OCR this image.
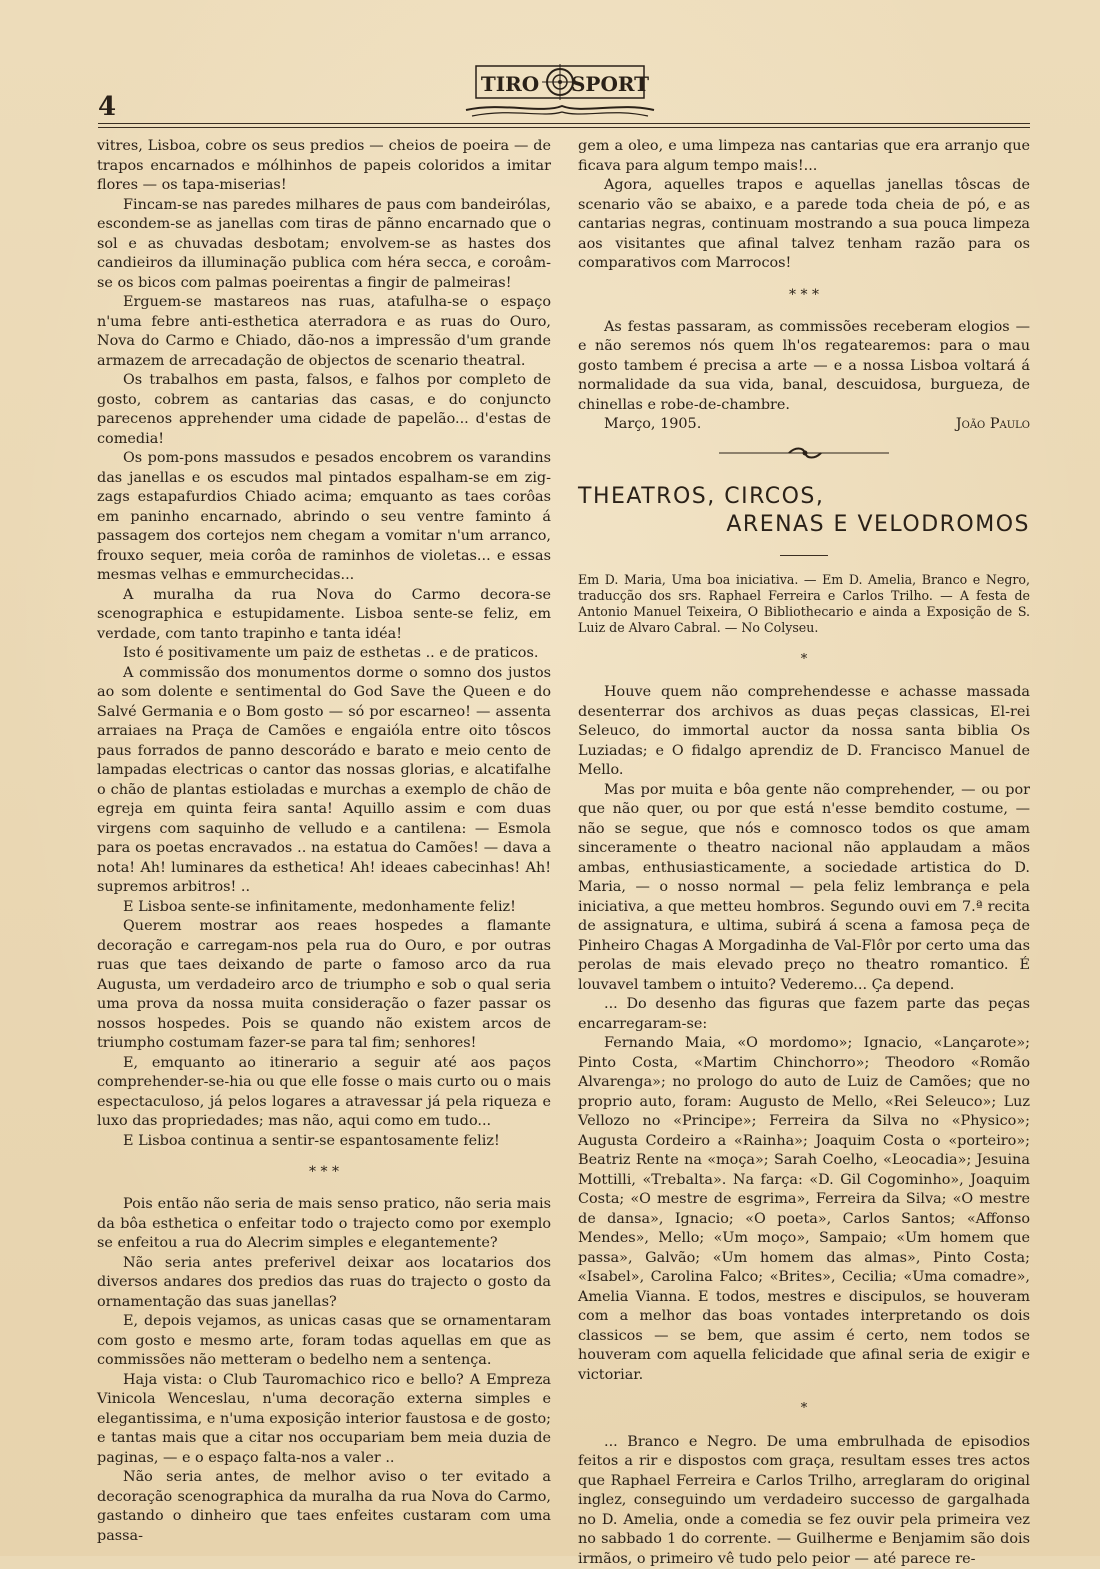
4
TIRO SPORT

vitres, Lisboa, cobre os seus predios — cheios de poeira — de trapos encarnados e mólhinhos de papeis coloridos a imitar flores — os tapa-miserias!

Fincam-se nas paredes milhares de paus com bandeirólas, escondem-se as janellas com tiras de pãnno encarnado que o sol e as chuvadas desbotam; envolvem-se as hastes dos candieiros da illuminação publica com héra secca, e coroâm-se os bicos com palmas poeirentas a fingir de palmeiras!

Erguem-se mastareos nas ruas, atafulha-se o espaço n'uma febre anti-esthetica aterradora e as ruas do Ouro, Nova do Carmo e Chiado, dão-nos a impressão d'um grande armazem de arrecadação de objectos de scenario theatral.

Os trabalhos em pasta, falsos, e falhos por completo de gosto, cobrem as cantarias das casas, e do conjuncto parecenos apprehender uma cidade de papelão... d'estas de comedia!

Os pom-pons massudos e pesados encobrem os varandins das janellas e os escudos mal pintados espalham-se em zig-zags estapafurdios Chiado acima; emquanto as taes corôas em paninho encarnado, abrindo o seu ventre faminto á passagem dos cortejos nem chegam a vomitar n'um arranco, frouxo sequer, meia corôa de raminhos de violetas... e essas mesmas velhas e emmurchecidas...

A muralha da rua Nova do Carmo decora-se scenographica e estupidamente. Lisboa sente-se feliz, em verdade, com tanto trapinho e tanta idéa!

Isto é positivamente um paiz de esthetas .. e de praticos.

A commissão dos monumentos dorme o somno dos justos ao som dolente e sentimental do God Save the Queen e do Salvé Germania e o Bom gosto — só por escarneo! — assenta arraiaes na Praça de Camões e engaióla entre oito tôscos paus forrados de panno descorádo e barato e meio cento de lampadas electricas o cantor das nossas glorias, e alcatifalhe o chão de plantas estioladas e murchas a exemplo de chão de egreja em quinta feira santa! Aquillo assim e com duas virgens com saquinho de velludo e a cantilena: — Esmola para os poetas encravados .. na estatua do Camões! — dava a nota! Ah! luminares da esthetica! Ah! ideaes cabecinhas! Ah! supremos arbitros! ..

E Lisboa sente-se infinitamente, medonhamente feliz!

Querem mostrar aos reaes hospedes a flamante decoração e carregam-nos pela rua do Ouro, e por outras ruas que taes deixando de parte o famoso arco da rua Augusta, um verdadeiro arco de triumpho e sob o qual seria uma prova da nossa muita consideração o fazer passar os nossos hospedes. Pois se quando não existem arcos de triumpho costumam fazer-se para tal fim; senhores!

E, emquanto ao itinerario a seguir até aos paços comprehender-se-hia ou que elle fosse o mais curto ou o mais espectaculoso, já pelos logares a atravessar já pela riqueza e luxo das propriedades; mas não, aqui como em tudo...

E Lisboa continua a sentir-se espantosamente feliz!

* * *

Pois então não seria de mais senso pratico, não seria mais da bôa esthetica o enfeitar todo o trajecto como por exemplo se enfeitou a rua do Alecrim simples e elegantemente?

Não seria antes preferivel deixar aos locatarios dos diversos andares dos predios das ruas do trajecto o gosto da ornamentação das suas janellas?

E, depois vejamos, as unicas casas que se ornamentaram com gosto e mesmo arte, foram todas aquellas em que as commissões não metteram o bedelho nem a sentença.

Haja vista: o Club Tauromachico rico e bello? A Empreza Vinicola Wenceslau, n'uma decoração externa simples e elegantissima, e n'uma exposição interior faustosa e de gosto; e tantas mais que a citar nos occupariam bem meia duzia de paginas, — e o espaço falta-nos a valer ..

Não seria antes, de melhor aviso o ter evitado a decoração scenographica da muralha da rua Nova do Carmo, gastando o dinheiro que taes enfeites custaram com uma passa-

gem a oleo, e uma limpeza nas cantarias que era arranjo que ficava para algum tempo mais!...

Agora, aquelles trapos e aquellas janellas tôscas de scenario vão se abaixo, e a parede toda cheia de pó, e as cantarias negras, continuam mostrando a sua pouca limpeza aos visitantes que afinal talvez tenham razão para os comparativos com Marrocos!

* * *

As festas passaram, as commissões receberam elogios — e não seremos nós quem lh'os regatearemos: para o mau gosto tambem é precisa a arte — e a nossa Lisboa voltará á normalidade da sua vida, banal, descuidosa, burgueza, de chinellas e robe-de-chambre.

Março, 1905.	João Paulo
THEATROS, CIRCOS,
ARENAS E VELODROMOS

Em D. Maria, Uma boa iniciativa. — Em D. Amelia, Branco e Negro, traducção dos srs. Raphael Ferreira e Carlos Trilho. — A festa de Antonio Manuel Teixeira, O Bibliothecario e ainda a Exposição de S. Luiz de Alvaro Cabral. — No Colyseu.

*

Houve quem não comprehendesse e achasse massada desenterrar dos archivos as duas peças classicas, El-rei Seleuco, do immortal auctor da nossa santa biblia Os Luziadas; e O fidalgo aprendiz de D. Francisco Manuel de Mello.

Mas por muita e bôa gente não comprehender, — ou por que não quer, ou por que está n'esse bemdito costume, — não se segue, que nós e comnosco todos os que amam sinceramente o theatro nacional não applaudam a mãos ambas, enthusiasticamente, a sociedade artistica do D. Maria, — o nosso normal — pela feliz lembrança e pela iniciativa, a que metteu hombros. Segundo ouvi em 7.ª recita de assignatura, e ultima, subirá á scena a famosa peça de Pinheiro Chagas A Morgadinha de Val-Flôr por certo uma das perolas de mais elevado preço no theatro romantico. É louvavel tambem o intuito? Vederemo... Ça depend.

... Do desenho das figuras que fazem parte das peças encarregaram-se:

Fernando Maia, «O mordomo»; Ignacio, «Lançarote»; Pinto Costa, «Martim Chinchorro»; Theodoro «Romão Alvarenga»; no prologo do auto de Luiz de Camões; que no proprio auto, foram: Augusto de Mello, «Rei Seleuco»; Luz Vellozo no «Principe»; Ferreira da Silva no «Physico»; Augusta Cordeiro a «Rainha»; Joaquim Costa o «porteiro»; Beatriz Rente na «moça»; Sarah Coelho, «Leocadia»; Jesuina Mottilli, «Trebalta». Na farça: «D. Gil Cogominho», Joaquim Costa; «O mestre de esgrima», Ferreira da Silva; «O mestre de dansa», Ignacio; «O poeta», Carlos Santos; «Affonso Mendes», Mello; «Um moço», Sampaio; «Um homem que passa», Galvão; «Um homem das almas», Pinto Costa; «Isabel», Carolina Falco; «Brites», Cecilia; «Uma comadre», Amelia Vianna. E todos, mestres e discipulos, se houveram com a melhor das boas vontades interpretando os dois classicos — se bem, que assim é certo, nem todos se houveram com aquella felicidade que afinal seria de exigir e victoriar.

*

... Branco e Negro. De uma embrulhada de episodios feitos a rir e dispostos com graça, resultam esses tres actos que Raphael Ferreira e Carlos Trilho, arreglaram do original inglez, conseguindo um verdadeiro successo de gargalhada no D. Amelia, onde a comedia se fez ouvir pela primeira vez no sabbado 1 do corrente. — Guilherme e Benjamim são dois irmãos, o primeiro vê tudo pelo peior — até parece re-
